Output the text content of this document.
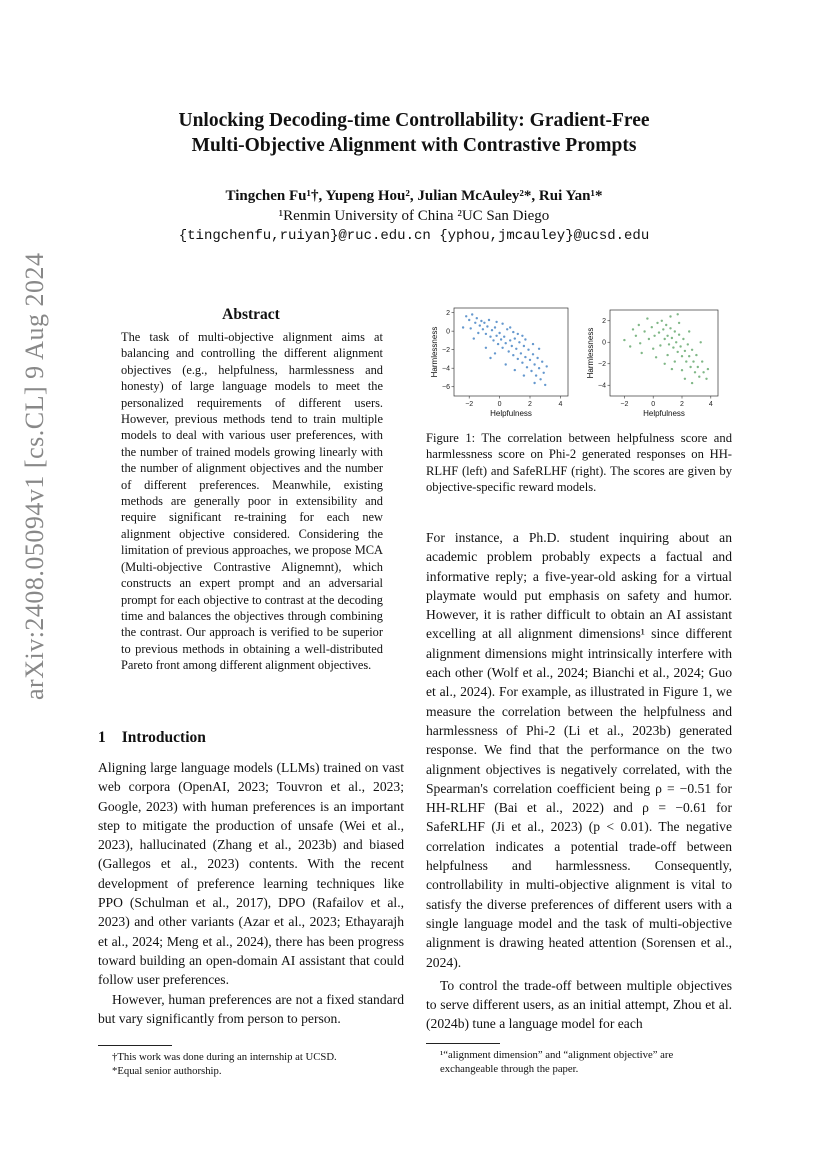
arXiv:2408.05094v1 [cs.CL] 9 Aug 2024
Unlocking Decoding-time Controllability: Gradient-Free
Multi-Objective Alignment with Contrastive Prompts
Tingchen Fu¹†, Yupeng Hou², Julian McAuley²*, Rui Yan¹*
¹Renmin University of China ²UC San Diego
{tingchenfu,ruiyan}@ruc.edu.cn {yphou,jmcauley}@ucsd.edu
Abstract
The task of multi-objective alignment aims at balancing and controlling the different alignment objectives (e.g., helpfulness, harmlessness and honesty) of large language models to meet the personalized requirements of different users. However, previous methods tend to train multiple models to deal with various user preferences, with the number of trained models growing linearly with the number of alignment objectives and the number of different preferences. Meanwhile, existing methods are generally poor in extensibility and require significant re-training for each new alignment objective considered. Considering the limitation of previous approaches, we propose MCA (Multi-objective Contrastive Alignemnt), which constructs an expert prompt and an adversarial prompt for each objective to contrast at the decoding time and balances the objectives through combining the contrast. Our approach is verified to be superior to previous methods in obtaining a well-distributed Pareto front among different alignment objectives.
1 Introduction

Aligning large language models (LLMs) trained on vast web corpora (OpenAI, 2023; Touvron et al., 2023; Google, 2023) with human preferences is an important step to mitigate the production of unsafe (Wei et al., 2023), hallucinated (Zhang et al., 2023b) and biased (Gallegos et al., 2023) contents. With the recent development of preference learning techniques like PPO (Schulman et al., 2017), DPO (Rafailov et al., 2023) and other variants (Azar et al., 2023; Ethayarajh et al., 2024; Meng et al., 2024), there has been progress toward building an open-domain AI assistant that could follow user preferences.

However, human preferences are not a fixed standard but vary significantly from person to person.

†This work was done during an internship at UCSD.
*Equal senior authorship.
−2	0	2	4
2
0
−2
−4
−6
Helpfulness
Harmlessness
−2	0	2	4
2
0
−2
−4
Helpfulness
Harmlessness
Figure 1: The correlation between helpfulness score and harmlessness score on Phi-2 generated responses on HH-RLHF (left) and SafeRLHF (right). The scores are given by objective-specific reward models.

For instance, a Ph.D. student inquiring about an academic problem probably expects a factual and informative reply; a five-year-old asking for a virtual playmate would put emphasis on safety and humor. However, it is rather difficult to obtain an AI assistant excelling at all alignment dimensions¹ since different alignment dimensions might intrinsically interfere with each other (Wolf et al., 2024; Bianchi et al., 2024; Guo et al., 2024). For example, as illustrated in Figure 1, we measure the correlation between the helpfulness and harmlessness of Phi-2 (Li et al., 2023b) generated response. We find that the performance on the two alignment objectives is negatively correlated, with the Spearman's correlation coefficient being ρ = −0.51 for HH-RLHF (Bai et al., 2022) and ρ = −0.61 for SafeRLHF (Ji et al., 2023) (p < 0.01). The negative correlation indicates a potential trade-off between helpfulness and harmlessness. Consequently, controllability in multi-objective alignment is vital to satisfy the diverse preferences of different users with a single language model and the task of multi-objective alignment is drawing heated attention (Sorensen et al., 2024).

To control the trade-off between multiple objectives to serve different users, as an initial attempt, Zhou et al. (2024b) tune a language model for each

¹“alignment dimension” and “alignment objective” are exchangeable through the paper.
